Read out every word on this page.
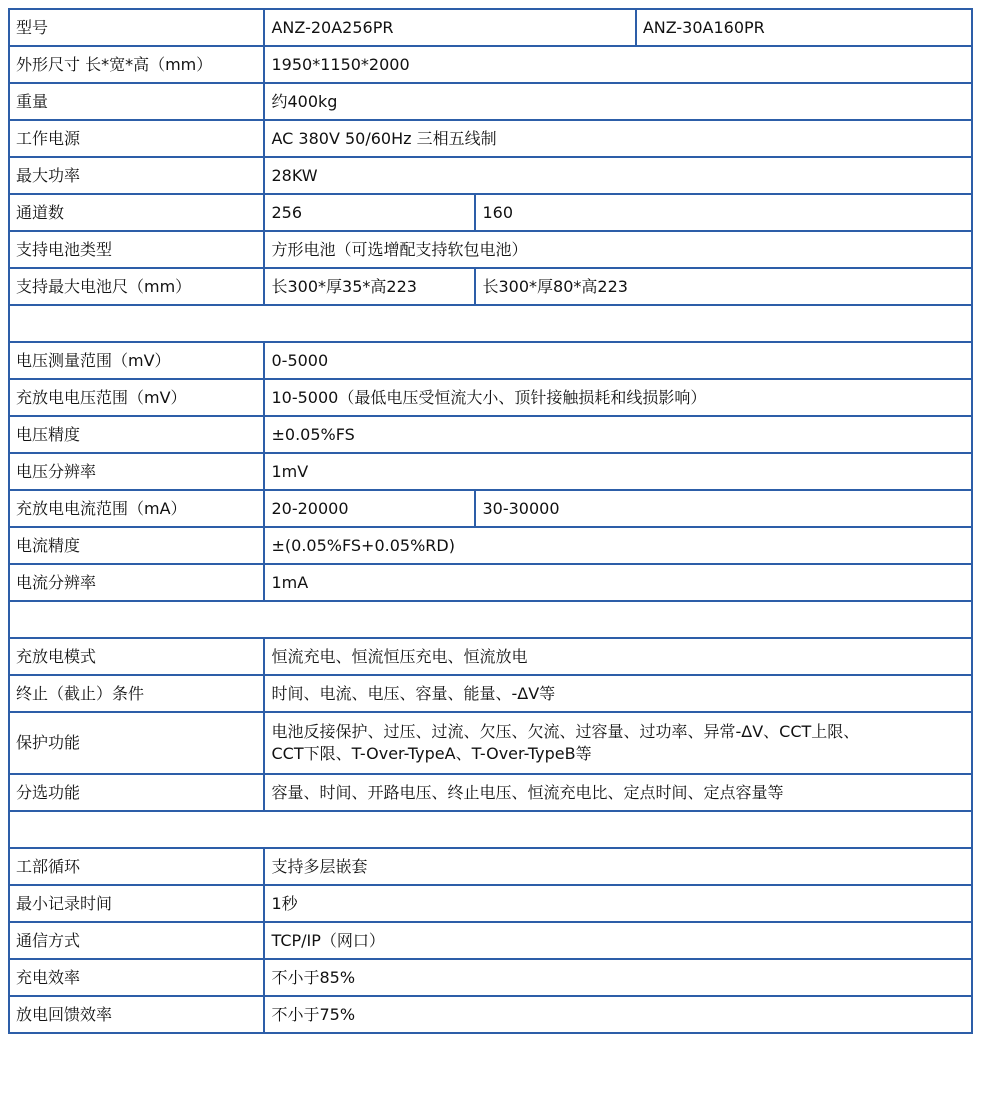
型号	ANZ-20A256PR		ANZ-30A160PR
外形尺寸 长*宽*高（mm）	1950*1150*2000		
重量	约400kg		
工作电源	AC 380V 50/60Hz 三相五线制		
最大功率	28KW		
通道数	256	160	
支持电池类型	方形电池（可选增配支持软包电池）		
支持最大电池尺（mm）	长300*厚35*高223	长300*厚80*高223	

电压测量范围（mV）	0-5000		
充放电电压范围（mV）	10-5000（最低电压受恒流大小、顶针接触损耗和线损影响）		
电压精度	±0.05%FS		
电压分辨率	1mV		
充放电电流范围（mA）	20-20000	30-30000	
电流精度	±(0.05%FS+0.05%RD)		
电流分辨率	1mA		

充放电模式	恒流充电、恒流恒压充电、恒流放电		
终止（截止）条件	时间、电流、电压、容量、能量、-ΔV等		
保护功能	电池反接保护、过压、过流、欠压、欠流、过容量、过功率、异常-ΔV、CCT上限、
CCT下限、T-Over-TypeA、T-Over-TypeB等		

分选功能	容量、时间、开路电压、终止电压、恒流充电比、定点时间、定点容量等		

工部循环	支持多层嵌套		
最小记录时间	1秒		
通信方式	TCP/IP（网口）		
充电效率	不小于85%		
放电回馈效率	不小于75%		
